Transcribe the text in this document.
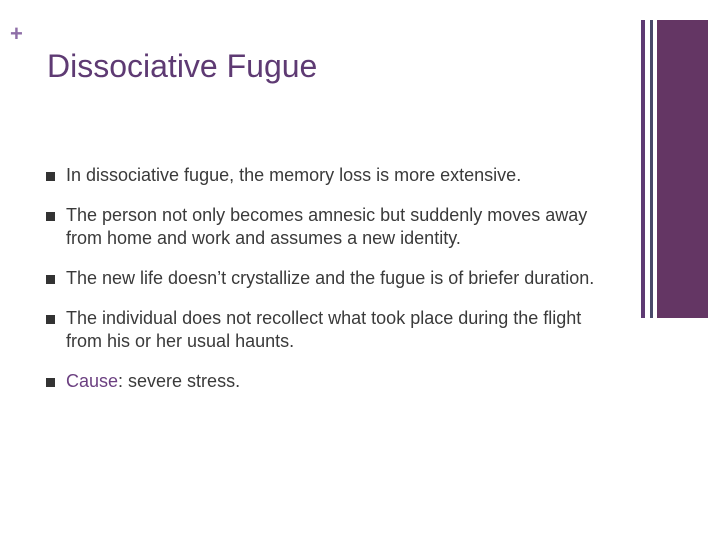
+
Dissociative Fugue
In dissociative fugue, the memory loss is more extensive.
The person not only becomes amnesic but suddenly moves away from home and work and assumes a new identity.
The new life doesn’t crystallize and the fugue is of briefer duration.
The individual does not recollect what took place during the flight from his or her usual haunts.
Cause: severe stress.
